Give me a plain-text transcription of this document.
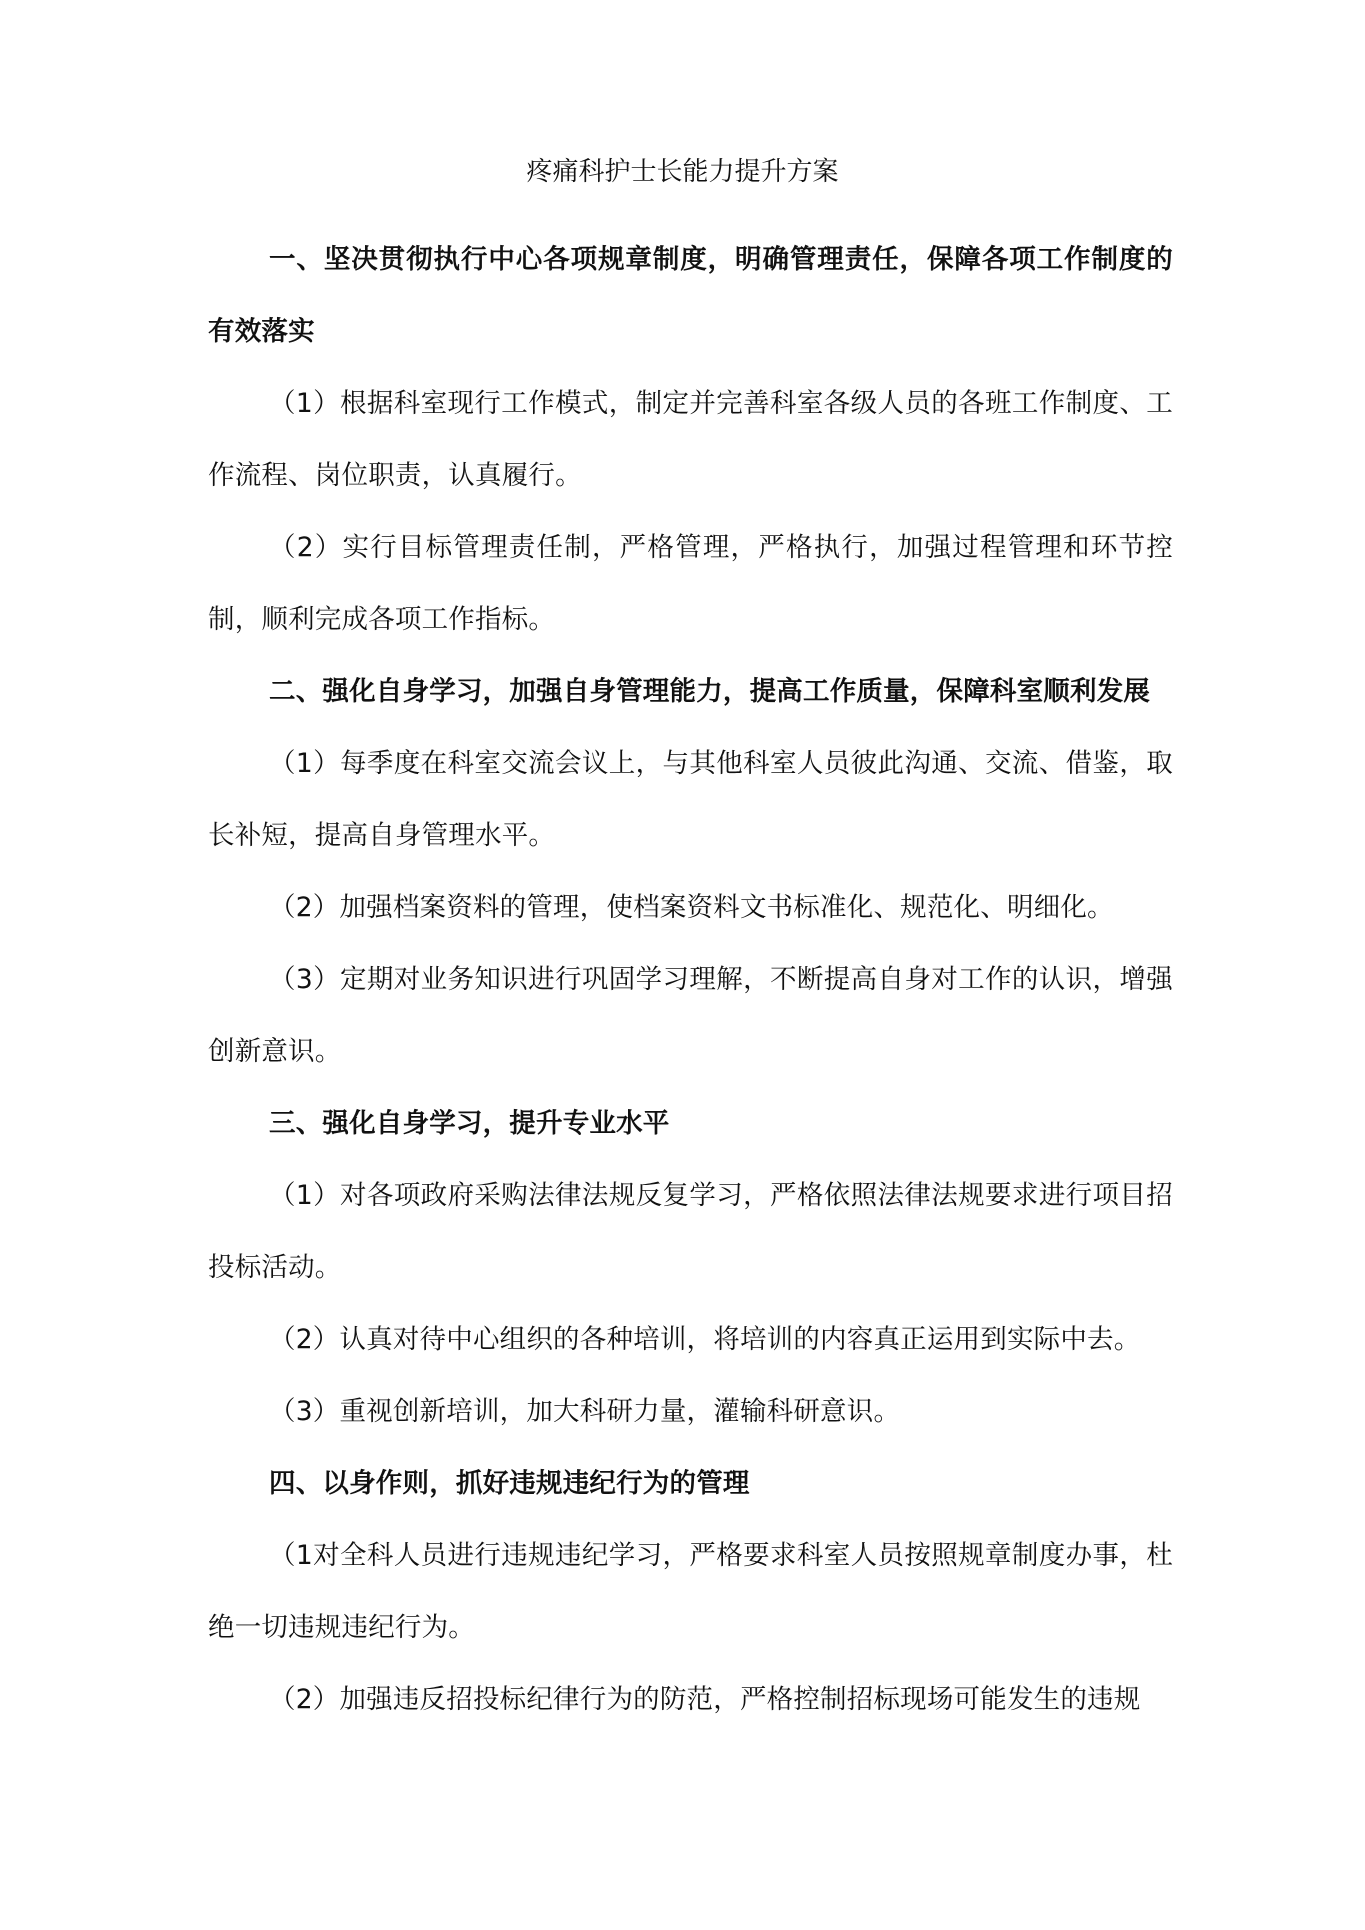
疼痛科护士长能力提升方案

一、坚决贯彻执行中心各项规章制度，明确管理责任，保障各项工作制度的有效落实

（1）根据科室现行工作模式，制定并完善科室各级人员的各班工作制度、工作流程、岗位职责，认真履行。

（2）实行目标管理责任制，严格管理，严格执行，加强过程管理和环节控制，顺利完成各项工作指标。

二、强化自身学习，加强自身管理能力，提高工作质量，保障科室顺利发展

（1）每季度在科室交流会议上，与其他科室人员彼此沟通、交流、借鉴，取长补短，提高自身管理水平。

（2）加强档案资料的管理，使档案资料文书标准化、规范化、明细化。

（3）定期对业务知识进行巩固学习理解，不断提高自身对工作的认识，增强创新意识。

三、强化自身学习，提升专业水平

（1）对各项政府采购法律法规反复学习，严格依照法律法规要求进行项目招投标活动。

（2）认真对待中心组织的各种培训，将培训的内容真正运用到实际中去。

（3）重视创新培训，加大科研力量，灌输科研意识。

四、以身作则，抓好违规违纪行为的管理

（1对全科人员进行违规违纪学习，严格要求科室人员按照规章制度办事，杜绝一切违规违纪行为。

（2）加强违反招投标纪律行为的防范，严格控制招标现场可能发生的违规
